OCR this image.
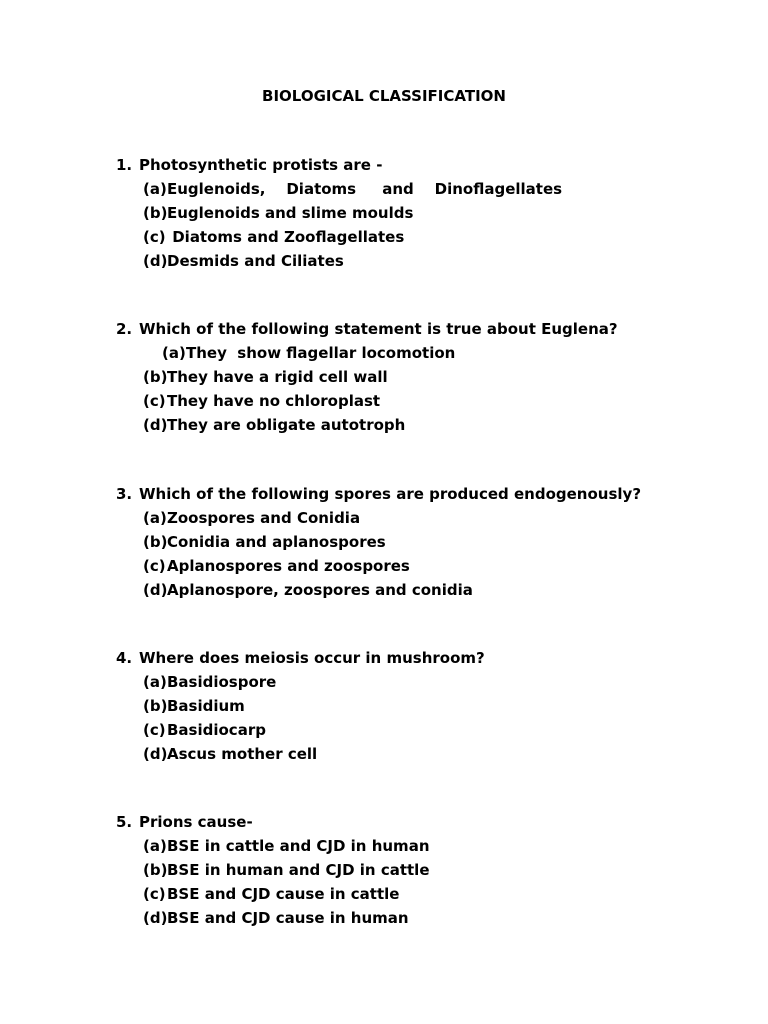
BIOLOGICAL CLASSIFICATION
1. Photosynthetic protists are -
(a)Euglenoids,    Diatoms     and    Dinoflagellates
(b)Euglenoids and slime moulds
(c) Diatoms and Zooflagellates
(d)Desmids and Ciliates
2. Which of the following statement is true about Euglena?
(a)They  show flagellar locomotion
(b)They have a rigid cell wall
(c)They have no chloroplast
(d)They are obligate autotroph
3. Which of the following spores are produced endogenously?
(a)Zoospores and Conidia
(b)Conidia and aplanospores
(c)Aplanospores and zoospores
(d)Aplanospore, zoospores and conidia
4. Where does meiosis occur in mushroom?
(a)Basidiospore
(b)Basidium
(c)Basidiocarp
(d)Ascus mother cell
5. Prions cause-
(a)BSE in cattle and CJD in human
(b)BSE in human and CJD in cattle
(c)BSE and CJD cause in cattle
(d)BSE and CJD cause in human
